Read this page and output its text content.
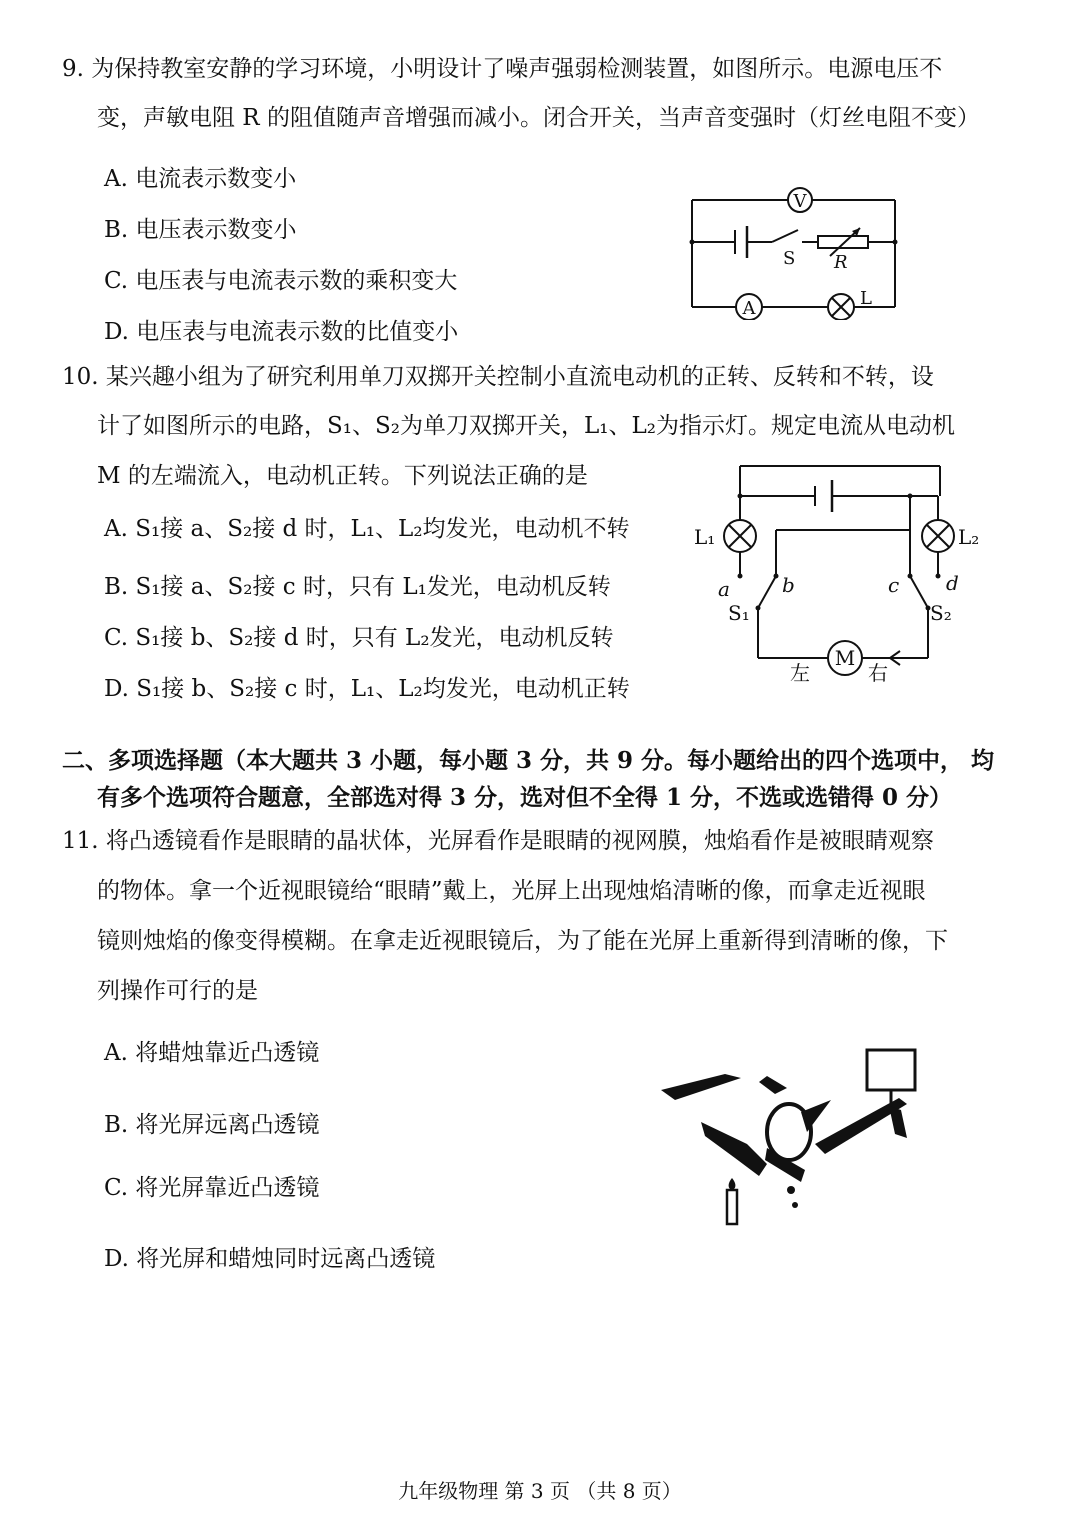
9. 为保持教室安静的学习环境，小明设计了噪声强弱检测装置，如图所示。电源电压不
变，声敏电阻 R 的阻值随声音增强而减小。闭合开关，当声音变强时（灯丝电阻不变）
A. 电流表示数变小
B. 电压表示数变小
C. 电压表与电流表示数的乘积变大
D. 电压表与电流表示数的比值变小
V
S R
A	L
10. 某兴趣小组为了研究利用单刀双掷开关控制小直流电动机的正转、反转和不转，设
计了如图所示的电路，S₁、S₂为单刀双掷开关，L₁、L₂为指示灯。规定电流从电动机
M 的左端流入，电动机正转。下列说法正确的是
A. S₁接 a、S₂接 d 时，L₁、L₂均发光，电动机不转
B. S₁接 a、S₂接 c 时，只有 L₁发光，电动机反转
C. S₁接 b、S₂接 d 时，只有 L₂发光，电动机反转
D. S₁接 b、S₂接 c 时，L₁、L₂均发光，电动机正转
L₁	L₂
a	b	c d
S₁	S₂
M
左	右
二、多项选择题（本大题共 3 小题，每小题 3 分，共 9 分。每小题给出的四个选项中， 均
有多个选项符合题意，全部选对得 3 分，选对但不全得 1 分，不选或选错得 0 分）
11. 将凸透镜看作是眼睛的晶状体，光屏看作是眼睛的视网膜，烛焰看作是被眼睛观察
的物体。拿一个近视眼镜给“眼睛”戴上，光屏上出现烛焰清晰的像，而拿走近视眼
镜则烛焰的像变得模糊。在拿走近视眼镜后，为了能在光屏上重新得到清晰的像，下
列操作可行的是
A. 将蜡烛靠近凸透镜
B. 将光屏远离凸透镜
C. 将光屏靠近凸透镜
D. 将光屏和蜡烛同时远离凸透镜
九年级物理 第 3 页 （共 8 页）
